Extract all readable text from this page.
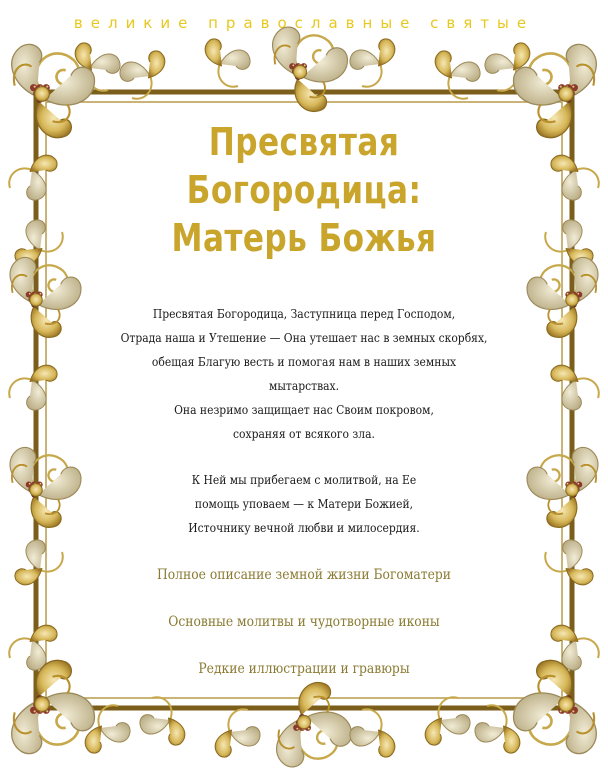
великие православные святые
Пресвятая Богородица:
Матерь Божья

Пресвятая Богородица, Заступница перед Господом,
Отрада наша и Утешение — Она утешает нас в земных скорбях,
обещая Благую весть и помогая нам в наших земных мытарствах.
Она незримо защищает нас Своим покровом,
сохраняя от всякого зла.

К Ней мы прибегаем с молитвой, на Ее
помощь уповаем — к Матери Божией,
Источнику вечной любви и милосердия.

Полное описание земной жизни Богоматери
Основные молитвы и чудотворные иконы
Редкие иллюстрации и гравюры
